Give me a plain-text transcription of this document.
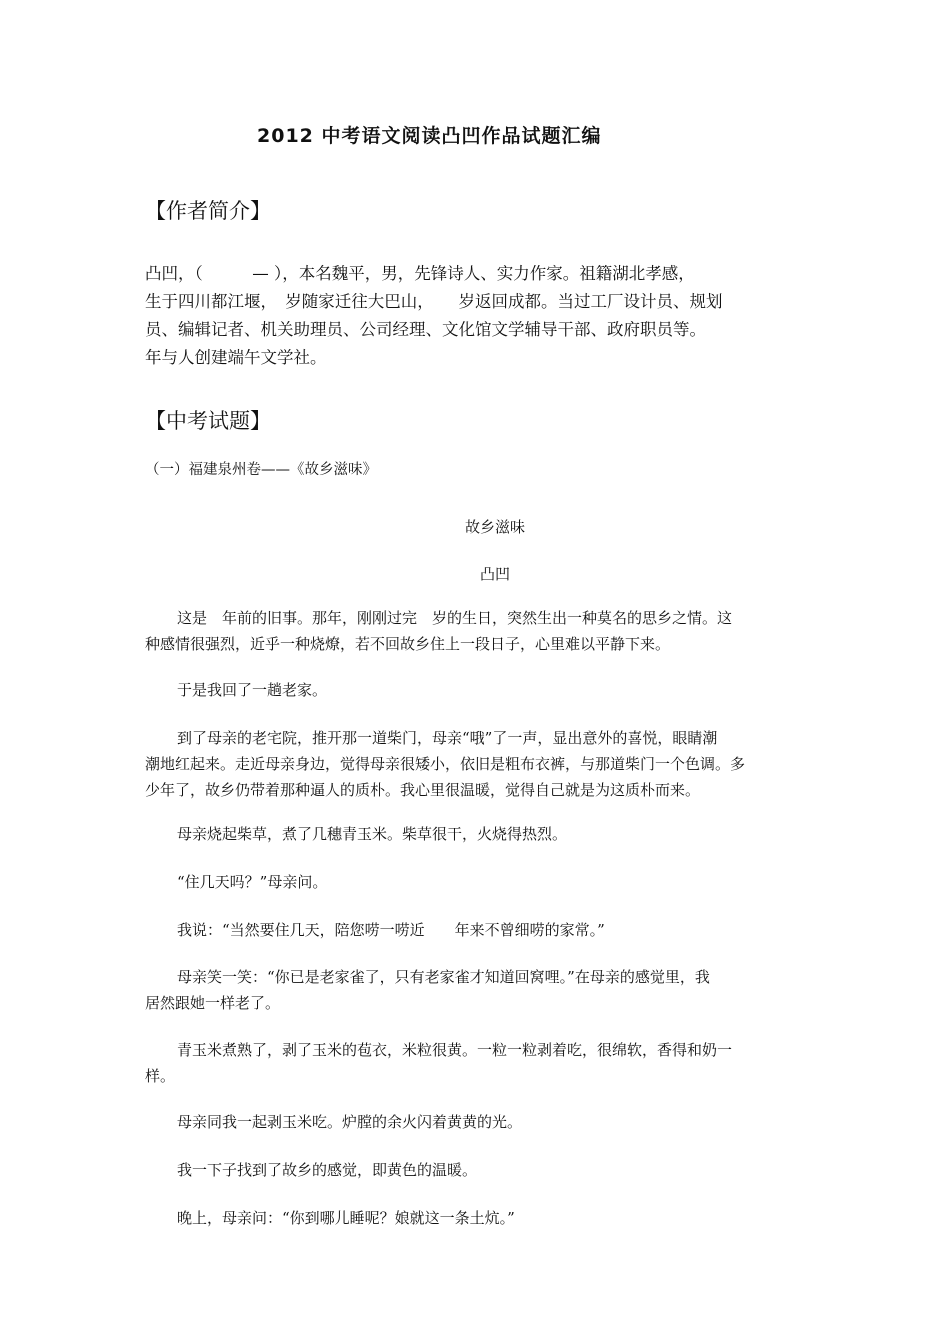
2012 中考语文阅读凸凹作品试题汇编
【作者简介】
凸凹，（　　　— ），本名魏平，男，先锋诗人、实力作家。祖籍湖北孝感，
生于四川都江堰，　岁随家迁往大巴山，　　岁返回成都。当过工厂设计员、规划
员、编辑记者、机关助理员、公司经理、文化馆文学辅导干部、政府职员等。
年与人创建端午文学社。
【中考试题】
（一）福建泉州卷——《故乡滋味》
故乡滋味
凸凹
这是　年前的旧事。那年，刚刚过完　岁的生日，突然生出一种莫名的思乡之情。这
种感情很强烈，近乎一种烧燎，若不回故乡住上一段日子，心里难以平静下来。
于是我回了一趟老家。
到了母亲的老宅院，推开那一道柴门，母亲“哦”了一声，显出意外的喜悦，眼睛潮
潮地红起来。走近母亲身边，觉得母亲很矮小，依旧是粗布衣裤，与那道柴门一个色调。多
少年了，故乡仍带着那种逼人的质朴。我心里很温暖，觉得自己就是为这质朴而来。
母亲烧起柴草，煮了几穗青玉米。柴草很干，火烧得热烈。
“住几天吗？”母亲问。
我说：“当然要住几天，陪您唠一唠近　　年来不曾细唠的家常。”
母亲笑一笑：“你已是老家雀了，只有老家雀才知道回窝哩。”在母亲的感觉里，我
居然跟她一样老了。
青玉米煮熟了，剥了玉米的苞衣，米粒很黄。一粒一粒剥着吃，很绵软，香得和奶一
样。
母亲同我一起剥玉米吃。炉膛的余火闪着黄黄的光。
我一下子找到了故乡的感觉，即黄色的温暖。
晚上，母亲问：“你到哪儿睡呢？娘就这一条土炕。”
